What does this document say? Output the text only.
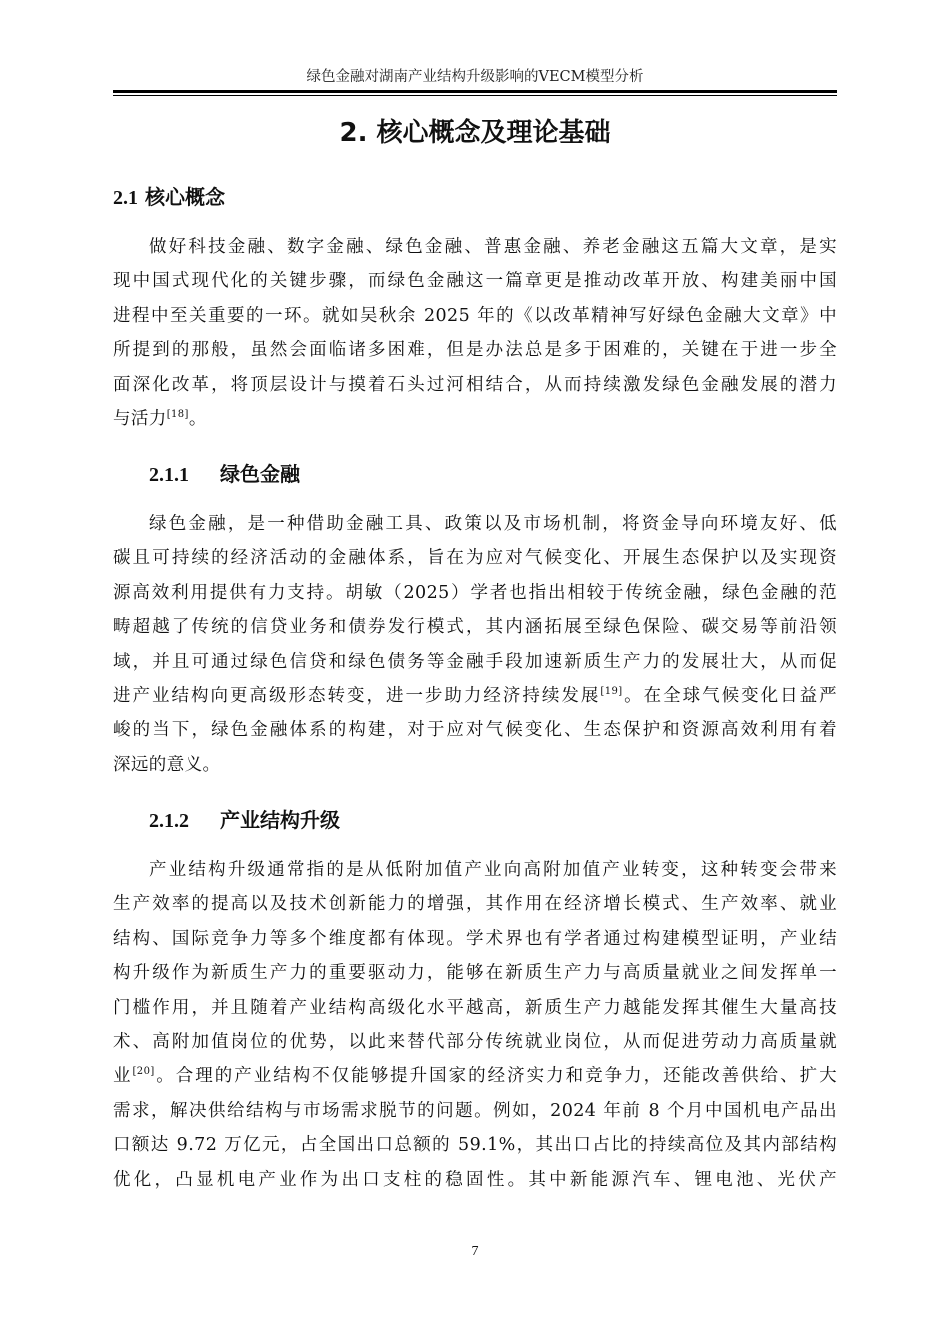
绿色金融对湖南产业结构升级影响的VECM模型分析
2. 核心概念及理论基础
2.1 核心概念
做好科技金融、数字金融、绿色金融、普惠金融、养老金融这五篇大文章，是实
现中国式现代化的关键步骤，而绿色金融这一篇章更是推动改革开放、构建美丽中国
进程中至关重要的一环。就如吴秋余 2025 年的《以改革精神写好绿色金融大文章》中
所提到的那般，虽然会面临诸多困难，但是办法总是多于困难的，关键在于进一步全
面深化改革，将顶层设计与摸着石头过河相结合，从而持续激发绿色金融发展的潜力
与活力[18]。
2.1.1 绿色金融
绿色金融，是一种借助金融工具、政策以及市场机制，将资金导向环境友好、低
碳且可持续的经济活动的金融体系，旨在为应对气候变化、开展生态保护以及实现资
源高效利用提供有力支持。胡敏（2025）学者也指出相较于传统金融，绿色金融的范
畴超越了传统的信贷业务和债券发行模式，其内涵拓展至绿色保险、碳交易等前沿领
域，并且可通过绿色信贷和绿色债务等金融手段加速新质生产力的发展壮大，从而促
进产业结构向更高级形态转变，进一步助力经济持续发展[19]。在全球气候变化日益严
峻的当下，绿色金融体系的构建，对于应对气候变化、生态保护和资源高效利用有着
深远的意义。
2.1.2 产业结构升级
产业结构升级通常指的是从低附加值产业向高附加值产业转变，这种转变会带来
生产效率的提高以及技术创新能力的增强，其作用在经济增长模式、生产效率、就业
结构、国际竞争力等多个维度都有体现。学术界也有学者通过构建模型证明，产业结
构升级作为新质生产力的重要驱动力，能够在新质生产力与高质量就业之间发挥单一
门槛作用，并且随着产业结构高级化水平越高，新质生产力越能发挥其催生大量高技
术、高附加值岗位的优势，以此来替代部分传统就业岗位，从而促进劳动力高质量就
业[20]。合理的产业结构不仅能够提升国家的经济实力和竞争力，还能改善供给、扩大
需求，解决供给结构与市场需求脱节的问题。例如，2024 年前 8 个月中国机电产品出
口额达 9.72 万亿元，占全国出口总额的 59.1%，其出口占比的持续高位及其内部结构
优化，凸显机电产业作为出口支柱的稳固性。其中新能源汽车、锂电池、光伏产
7
